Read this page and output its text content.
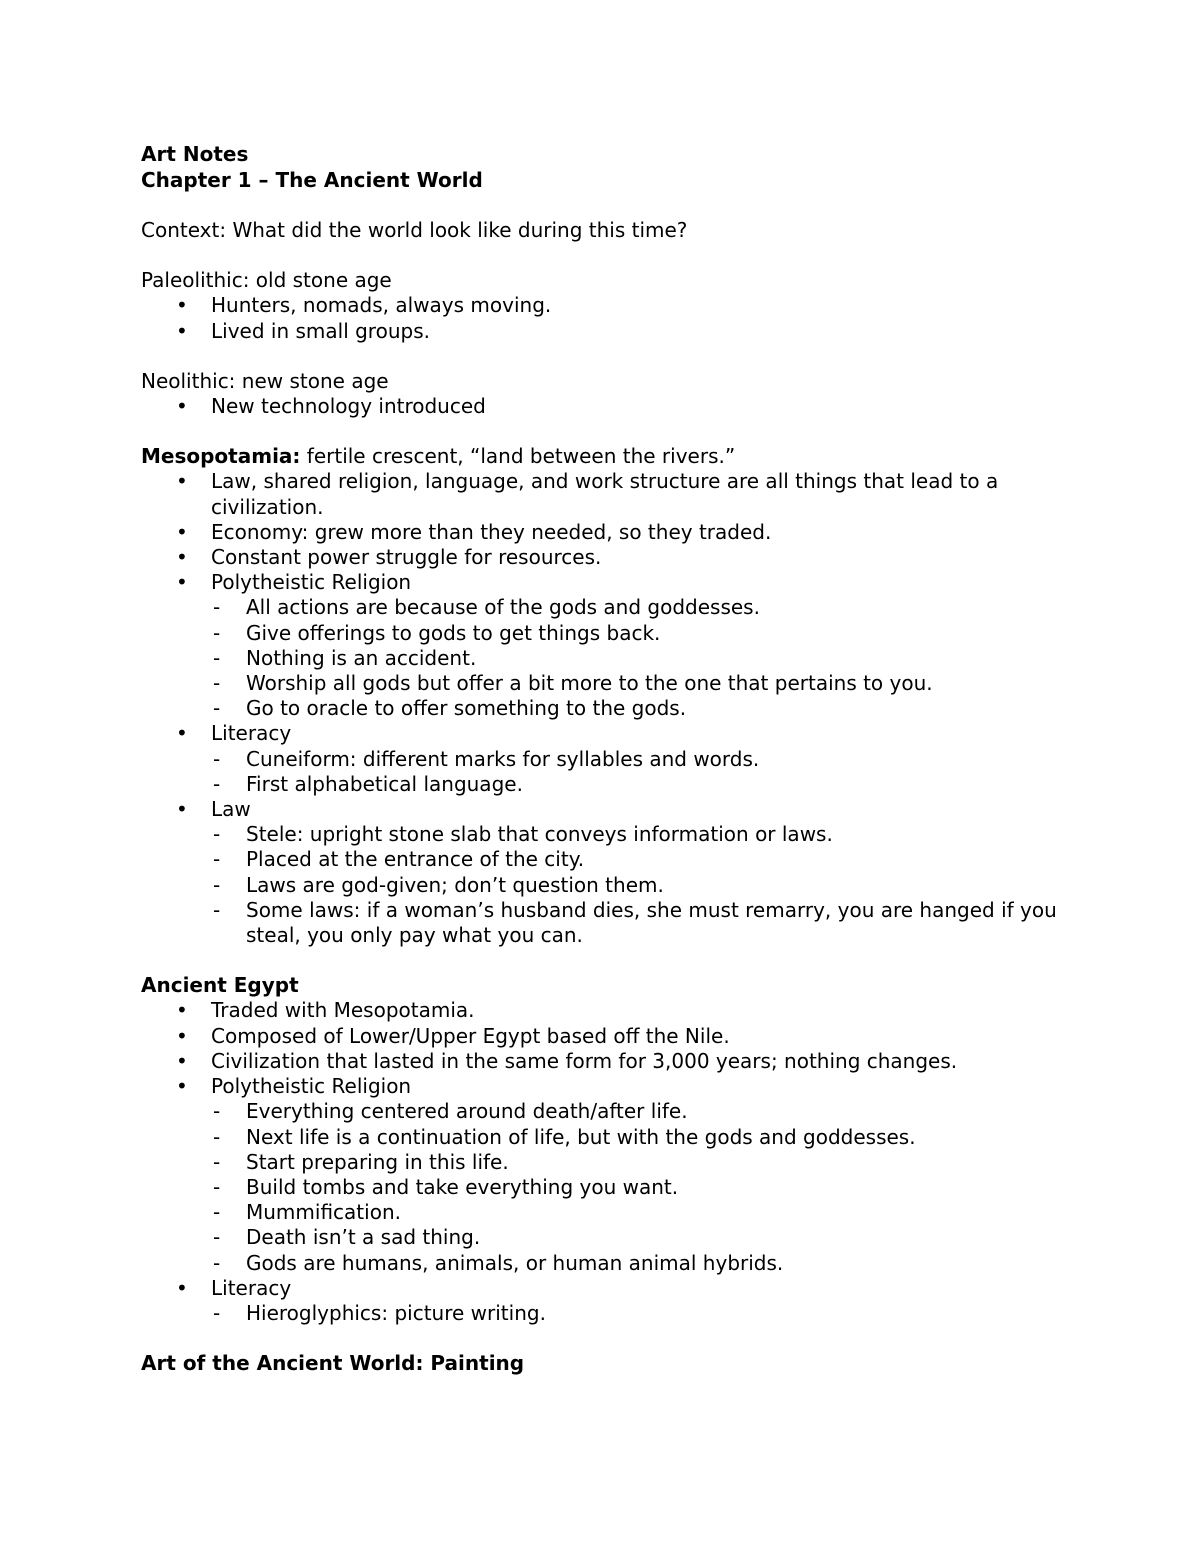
Art Notes
Chapter 1 – The Ancient World
Context: What did the world look like during this time?
Paleolithic: old stone age
• Hunters, nomads, always moving.
• Lived in small groups.
Neolithic: new stone age
• New technology introduced
Mesopotamia: fertile crescent, “land between the rivers.”
• Law, shared religion, language, and work structure are all things that lead to a civilization.
• Economy: grew more than they needed, so they traded.
• Constant power struggle for resources.
• Polytheistic Religion
- All actions are because of the gods and goddesses.
- Give offerings to gods to get things back.
- Nothing is an accident.
- Worship all gods but offer a bit more to the one that pertains to you.
- Go to oracle to offer something to the gods.
• Literacy
- Cuneiform: different marks for syllables and words.
- First alphabetical language.
• Law
- Stele: upright stone slab that conveys information or laws.
- Placed at the entrance of the city.
- Laws are god-given; don’t question them.
- Some laws: if a woman’s husband dies, she must remarry, you are hanged if you steal, you only pay what you can.
Ancient Egypt
• Traded with Mesopotamia.
• Composed of Lower/Upper Egypt based off the Nile.
• Civilization that lasted in the same form for 3,000 years; nothing changes.
• Polytheistic Religion
- Everything centered around death/after life.
- Next life is a continuation of life, but with the gods and goddesses.
- Start preparing in this life.
- Build tombs and take everything you want.
- Mummification.
- Death isn’t a sad thing.
- Gods are humans, animals, or human animal hybrids.
• Literacy
- Hieroglyphics: picture writing.
Art of the Ancient World: Painting
